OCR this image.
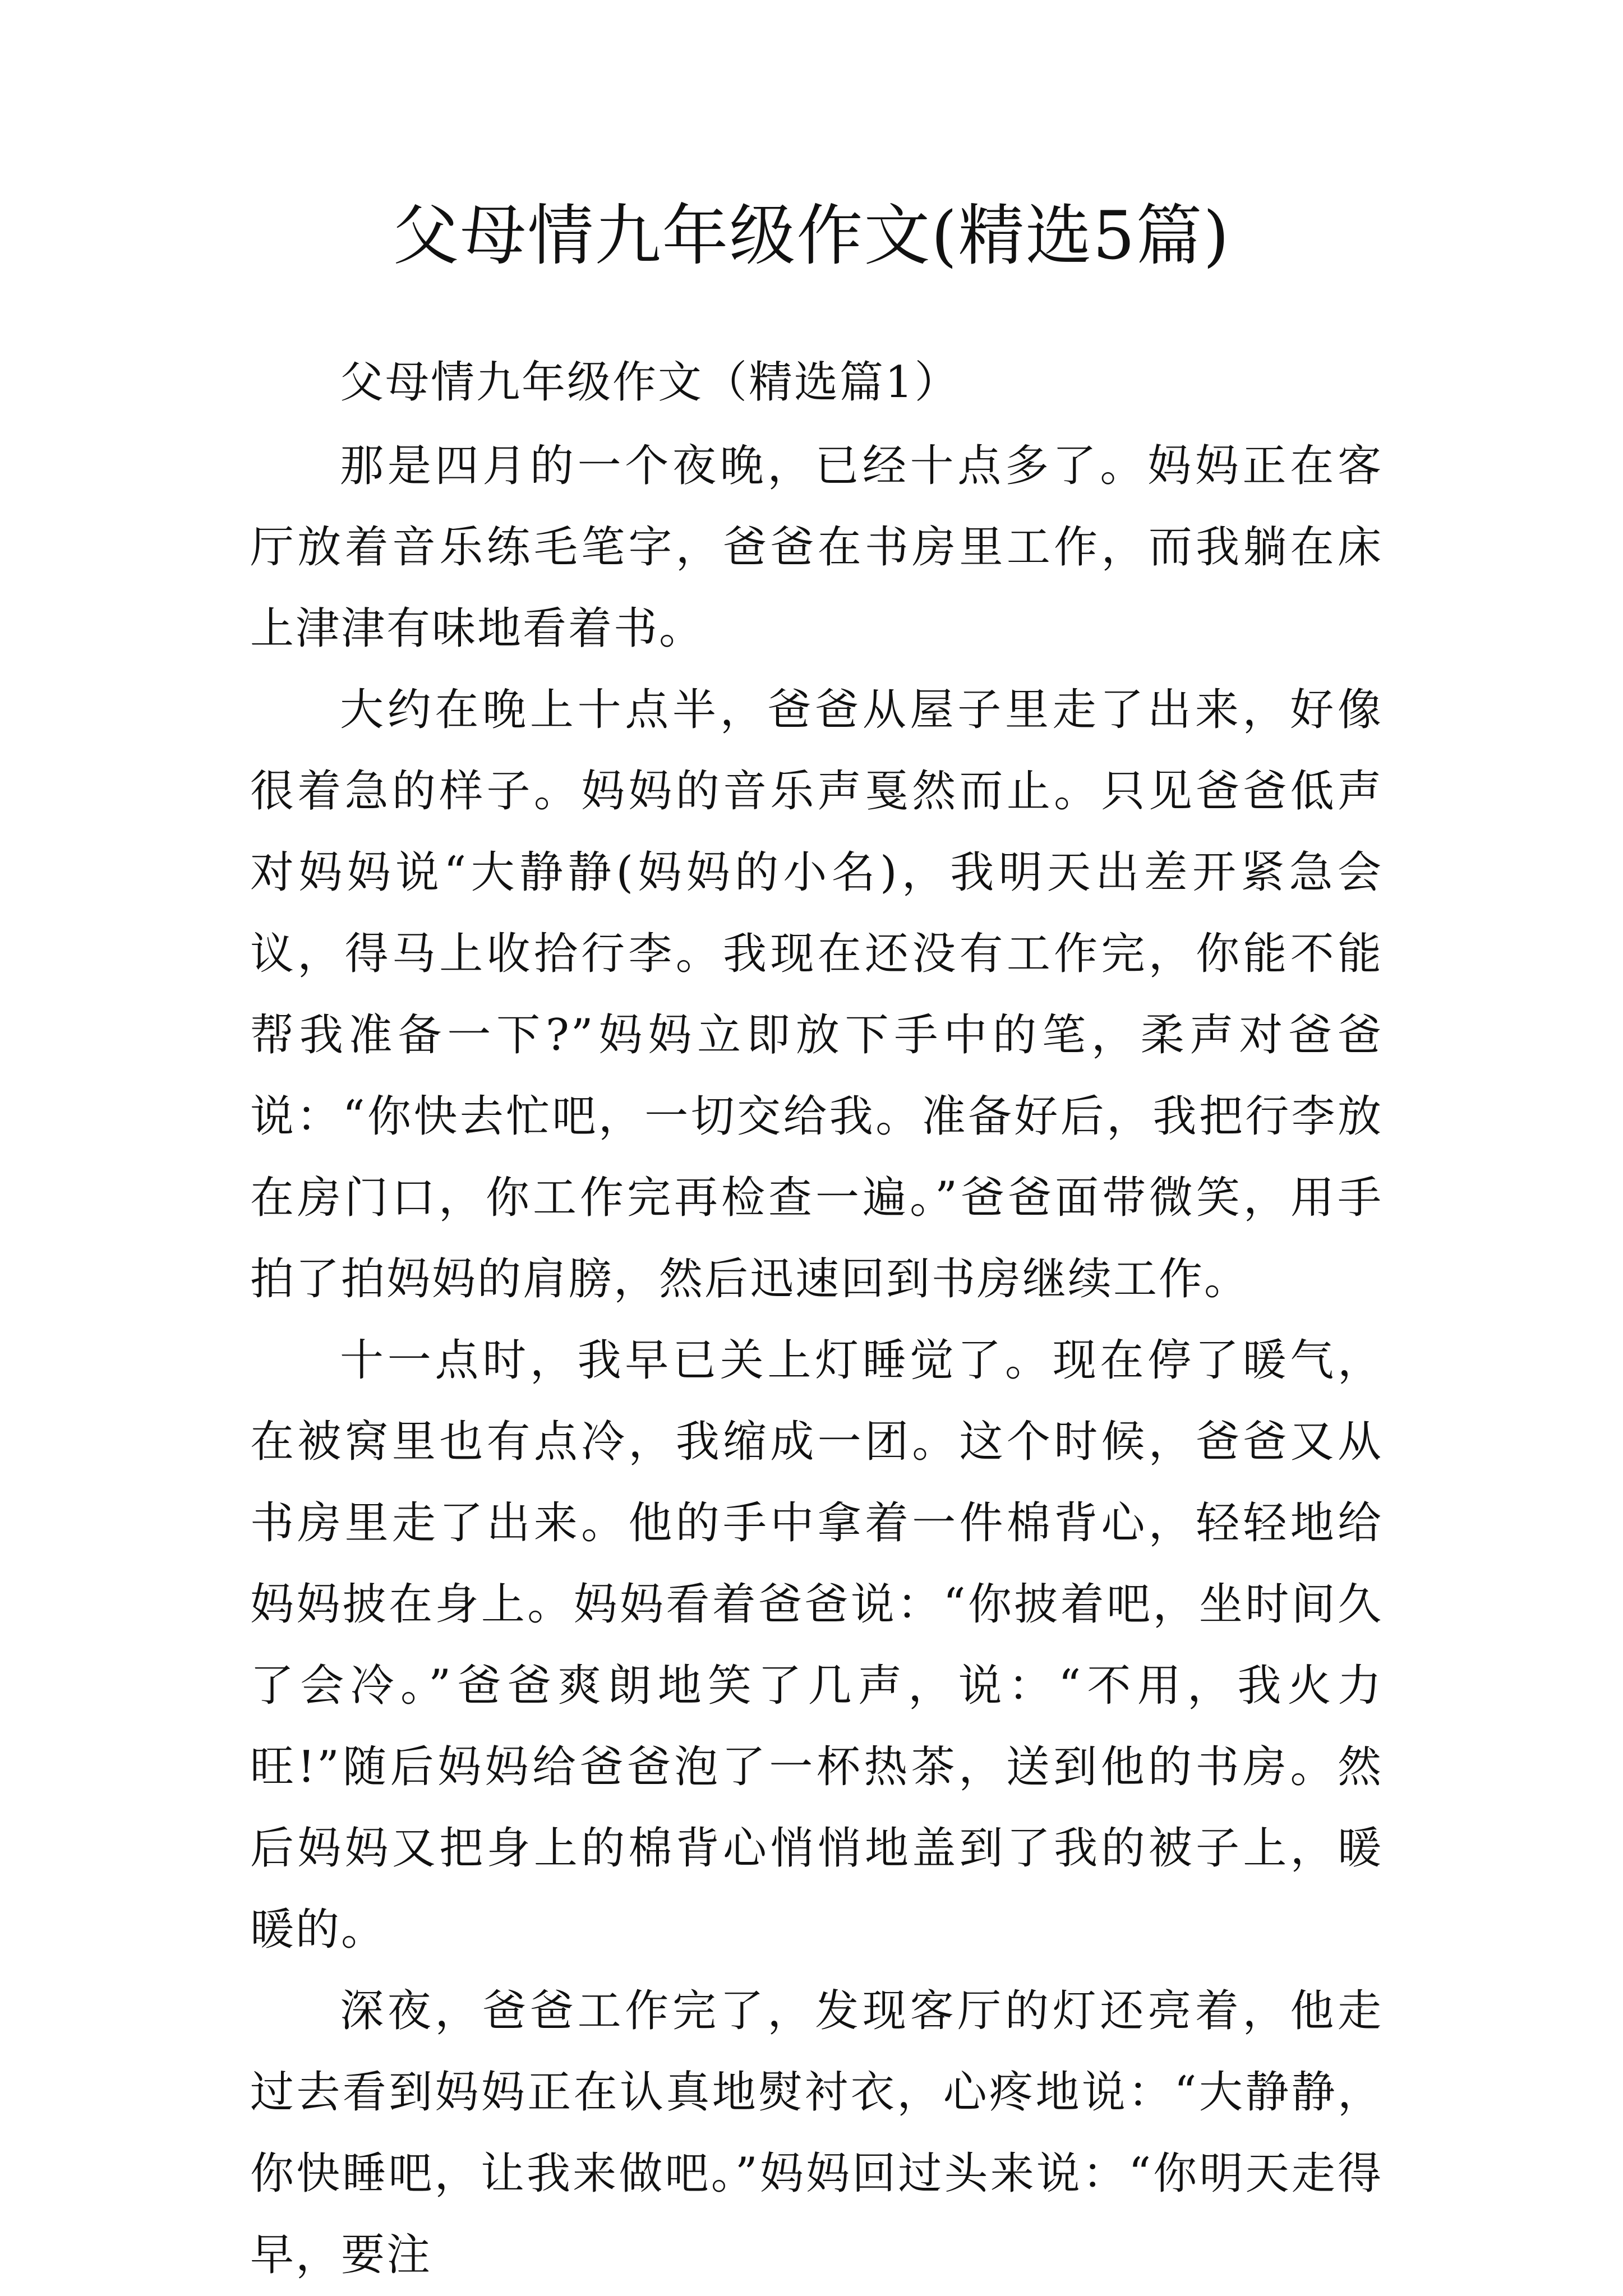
父母情九年级作文(精选5篇)

父母情九年级作文（精选篇1）

那是四月的一个夜晚，已经十点多了。妈妈正在客厅放着音乐练毛笔字，爸爸在书房里工作，而我躺在床上津津有味地看着书。

大约在晚上十点半，爸爸从屋子里走了出来，好像很着急的样子。妈妈的音乐声戛然而止。只见爸爸低声对妈妈说“大静静(妈妈的小名)，我明天出差开紧急会议，得马上收拾行李。我现在还没有工作完，你能不能帮我准备一下?”妈妈立即放下手中的笔，柔声对爸爸说：“你快去忙吧，一切交给我。准备好后，我把行李放在房门口，你工作完再检查一遍。”爸爸面带微笑，用手拍了拍妈妈的肩膀，然后迅速回到书房继续工作。

十一点时，我早已关上灯睡觉了。现在停了暖气，在被窝里也有点冷，我缩成一团。这个时候，爸爸又从书房里走了出来。他的手中拿着一件棉背心，轻轻地给妈妈披在身上。妈妈看着爸爸说：“你披着吧，坐时间久了会冷。”爸爸爽朗地笑了几声，说：“不用，我火力旺!”随后妈妈给爸爸泡了一杯热茶，送到他的书房。然后妈妈又把身上的棉背心悄悄地盖到了我的被子上，暖暖的。

深夜，爸爸工作完了，发现客厅的灯还亮着，他走过去看到妈妈正在认真地熨衬衣，心疼地说：“大静静，你快睡吧，让我来做吧。”妈妈回过头来说：“你明天走得早，要注
